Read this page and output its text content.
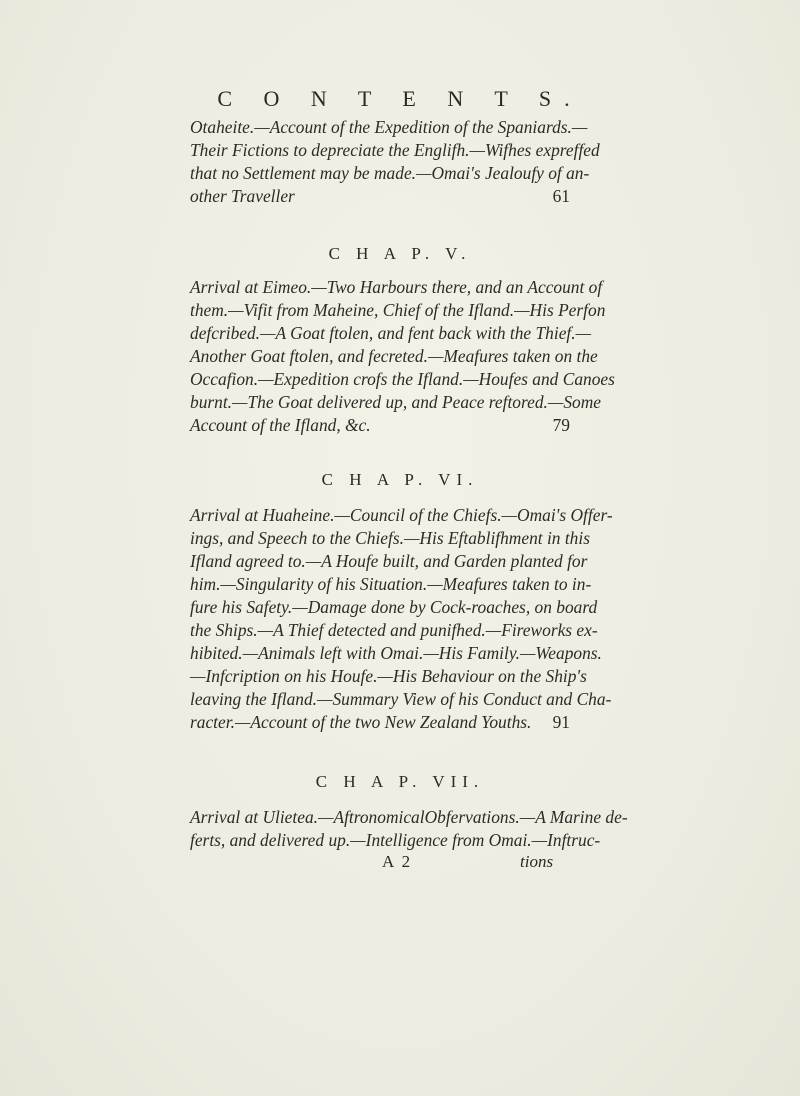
C O N T E N T S.
Otaheite.—Account of the Expedition of the Spaniards.—
Their Fictions to depreciate the Englifh.—Wifhes expreffed
that no Settlement may be made.—Omai's Jealoufy of an-
other Traveller	61
C H A P. V.
Arrival at Eimeo.—Two Harbours there, and an Account of
them.—Vifit from Maheine, Chief of the Ifland.—His Perfon
defcribed.—A Goat ftolen, and fent back with the Thief.—
Another Goat ftolen, and fecreted.—Meafures taken on the
Occafion.—Expedition crofs the Ifland.—Houfes and Canoes
burnt.—The Goat delivered up, and Peace reftored.—Some
Account of the Ifland, &c.	79
C H A P. VI.
Arrival at Huaheine.—Council of the Chiefs.—Omai's Offer-
ings, and Speech to the Chiefs.—His Eftablifhment in this
Ifland agreed to.—A Houfe built, and Garden planted for
him.—Singularity of his Situation.—Meafures taken to in-
fure his Safety.—Damage done by Cock-roaches, on board
the Ships.—A Thief detected and punifhed.—Fireworks ex-
hibited.—Animals left with Omai.—His Family.—Weapons.
—Infcription on his Houfe.—His Behaviour on the Ship's
leaving the Ifland.—Summary View of his Conduct and Cha-
racter.—Account of the two New Zealand Youths. 91
C H A P. VII.
Arrival at Ulietea.—AftronomicalObfervations.—A Marine de-
ferts, and delivered up.—Intelligence from Omai.—Inftruc-
A 2	tions
